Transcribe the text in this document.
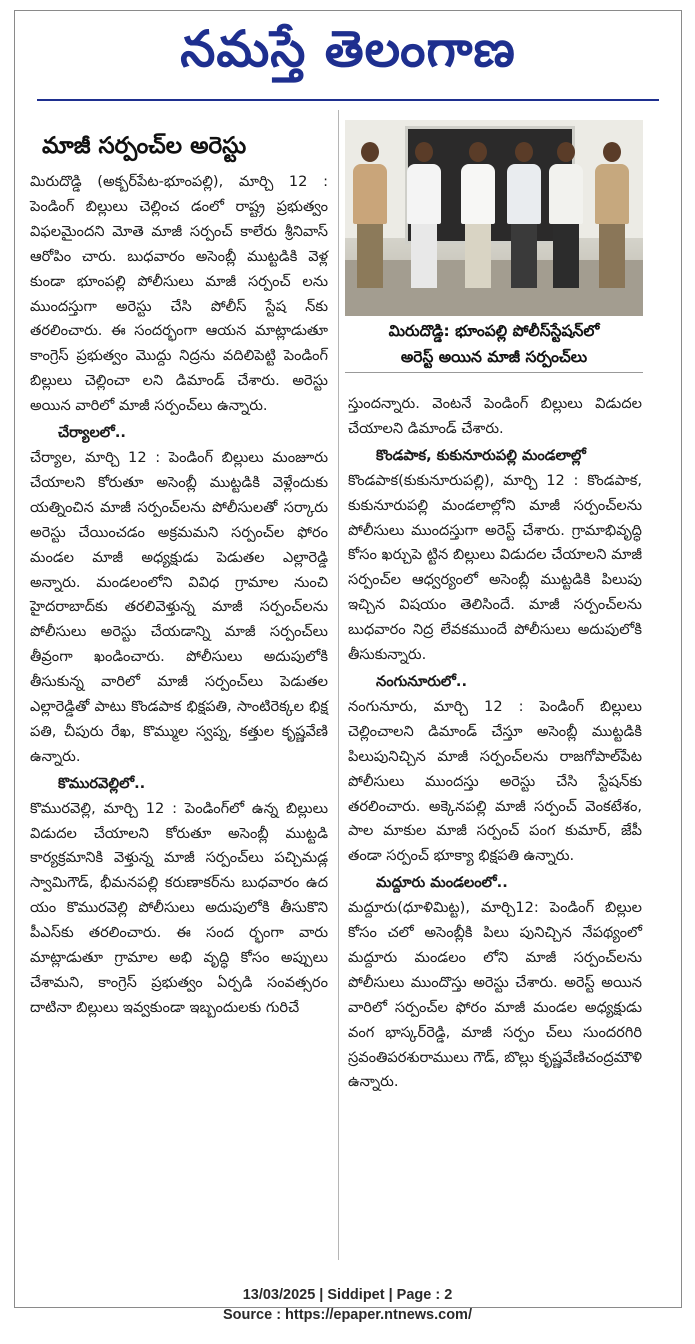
నమస్తే తెలంగాణ
మాజీ సర్పంచ్‌ల అరెస్టు
మిరుదొడ్డి: భూంపల్లి పోలీస్‌స్టేషన్‌లో
అరెస్ట్ అయిన మాజీ సర్పంచ్‌లు

మిరుదొడ్డి (అక్బర్‌పేట-భూంపల్లి), మార్చి 12 : పెండింగ్ బిల్లులు చెల్లించ డంలో రాష్ట్ర ప్రభుత్వం విఫలమైందని మోతె మాజీ సర్పంచ్ కాలేరు శ్రీనివాస్ ఆరోపిం చారు. బుధవారం అసెంబ్లీ ముట్టడికి వెళ్ల కుండా భూంపల్లి పోలీసులు మాజీ సర్పంచ్ లను ముందస్తుగా అరెస్టు చేసి పోలీస్ స్టేష న్‌కు తరలించారు. ఈ సందర్భంగా ఆయన మాట్లాడుతూ కాంగ్రెస్ ప్రభుత్వం మొద్దు నిద్రను వదిలిపెట్టి పెండింగ్ బిల్లులు చెల్లించా లని డిమాండ్ చేశారు. అరెస్టు అయిన వారిలో మాజీ సర్పంచ్‌లు ఉన్నారు.

చేర్యాలలో..

చేర్యాల, మార్చి 12 : పెండింగ్ బిల్లులు మంజూరు చేయాలని కోరుతూ అసెంబ్లీ ముట్టడికి వెళ్లేందుకు యత్నించిన మాజీ సర్పంచ్‌లను పోలీసులతో సర్కారు అరెస్టు చేయించడం అక్రమమని సర్పంచ్‌ల ఫోరం మండల మాజీ అధ్యక్షుడు పెడుతల ఎల్లారెడ్డి అన్నారు. మండలంలోని వివిధ గ్రామాల నుంచి హైదరాబాద్‌కు తరలివెళ్తున్న మాజీ సర్పంచ్‌లను పోలీసులు అరెస్టు చేయడాన్ని మాజీ సర్పంచ్‌లు తీవ్రంగా ఖండించారు. పోలీసులు అదుపులోకి తీసుకున్న వారిలో మాజీ సర్పంచ్‌లు పెడుతల ఎల్లారెడ్డితో పాటు కొండపాక భిక్షపతి, సాంటిరెక్కల భిక్ష పతి, చీపురు రేఖ, కొమ్ముల స్వప్న, కత్తుల కృష్ణవేణి ఉన్నారు.

కొమురవెల్లిలో..

కొమురవెల్లి, మార్చి 12 : పెండింగ్‌లో ఉన్న బిల్లులు విడుదల చేయాలని కోరుతూ అసెంబ్లీ ముట్టడి కార్యక్రమానికి వెళ్తున్న మాజీ సర్పంచ్‌లు పచ్చిమడ్ల స్వామిగౌడ్, భీమనపల్లి కరుణాకర్‌ను బుధవారం ఉద యం కొమురవెల్లి పోలీసులు అదుపులోకి తీసుకొని పీఎస్‌కు తరలించారు. ఈ సంద ర్భంగా వారు మాట్లాడుతూ గ్రామాల అభి వృద్ధి కోసం అప్పులు చేశామని, కాంగ్రెస్ ప్రభుత్వం ఏర్పడి సంవత్సరం దాటినా బిల్లులు ఇవ్వకుండా ఇబ్బందులకు గురిచే

స్తుందన్నారు. వెంటనే పెండింగ్ బిల్లులు విడుదల చేయాలని డిమాండ్ చేశారు.

కొండపాక, కుకునూరుపల్లి మండలాల్లో

కొండపాక(కుకునూరుపల్లి), మార్చి 12 : కొండపాక, కుకునూరుపల్లి మండలాల్లోని మాజీ సర్పంచ్‌లను పోలీసులు ముందస్తుగా అరెస్ట్ చేశారు. గ్రామాభివృద్ధి కోసం ఖర్చుపె ట్టిన బిల్లులు విడుదల చేయాలని మాజీ సర్పంచ్‌ల ఆధ్వర్యంలో అసెంబ్లీ ముట్టడికి పిలుపు ఇచ్చిన విషయం తెలిసిందే. మాజీ సర్పంచ్‌లను బుధవారం నిద్ర లేవకముందే పోలీసులు అదుపులోకి తీసుకున్నారు.

నంగునూరులో..

నంగునూరు, మార్చి 12 : పెండింగ్ బిల్లులు చెల్లించాలని డిమాండ్ చేస్తూ అసెంబ్లీ ముట్టడికి పిలుపునిచ్చిన మాజీ సర్పంచ్‌లను రాజగోపాల్‌పేట పోలీసులు ముందస్తు అరెస్టు చేసి స్టేషన్‌కు తరలించారు. అక్కెనపల్లి మాజీ సర్పంచ్ వెంకటేశం, పాల మాకుల మాజీ సర్పంచ్ పంగ కుమార్, జేపీ తండా సర్పంచ్ భూక్యా భిక్షపతి ఉన్నారు.

మద్దూరు మండలంలో..

మద్దూరు(ధూళిమిట్ట), మార్చి12: పెండింగ్ బిల్లుల కోసం చలో అసెంబ్లీకి పిలు పునిచ్చిన నేపథ్యంలో మద్దూరు మండలం లోని మాజీ సర్పంచ్‌లను పోలీసులు ముందొస్తు అరెస్టు చేశారు. అరెస్ట్ అయిన వారిలో సర్పంచ్‌ల ఫోరం మాజీ మండల అధ్యక్షుడు వంగ భాస్కర్‌రెడ్డి, మాజీ సర్పం చ్‌లు సుందరగిరి స్రవంతిపరశురాములు గౌడ్, బొల్లు కృష్ణవేణిచంద్రమౌళి ఉన్నారు.

13/03/2025 | Siddipet | Page : 2
Source : https://epaper.ntnews.com/
